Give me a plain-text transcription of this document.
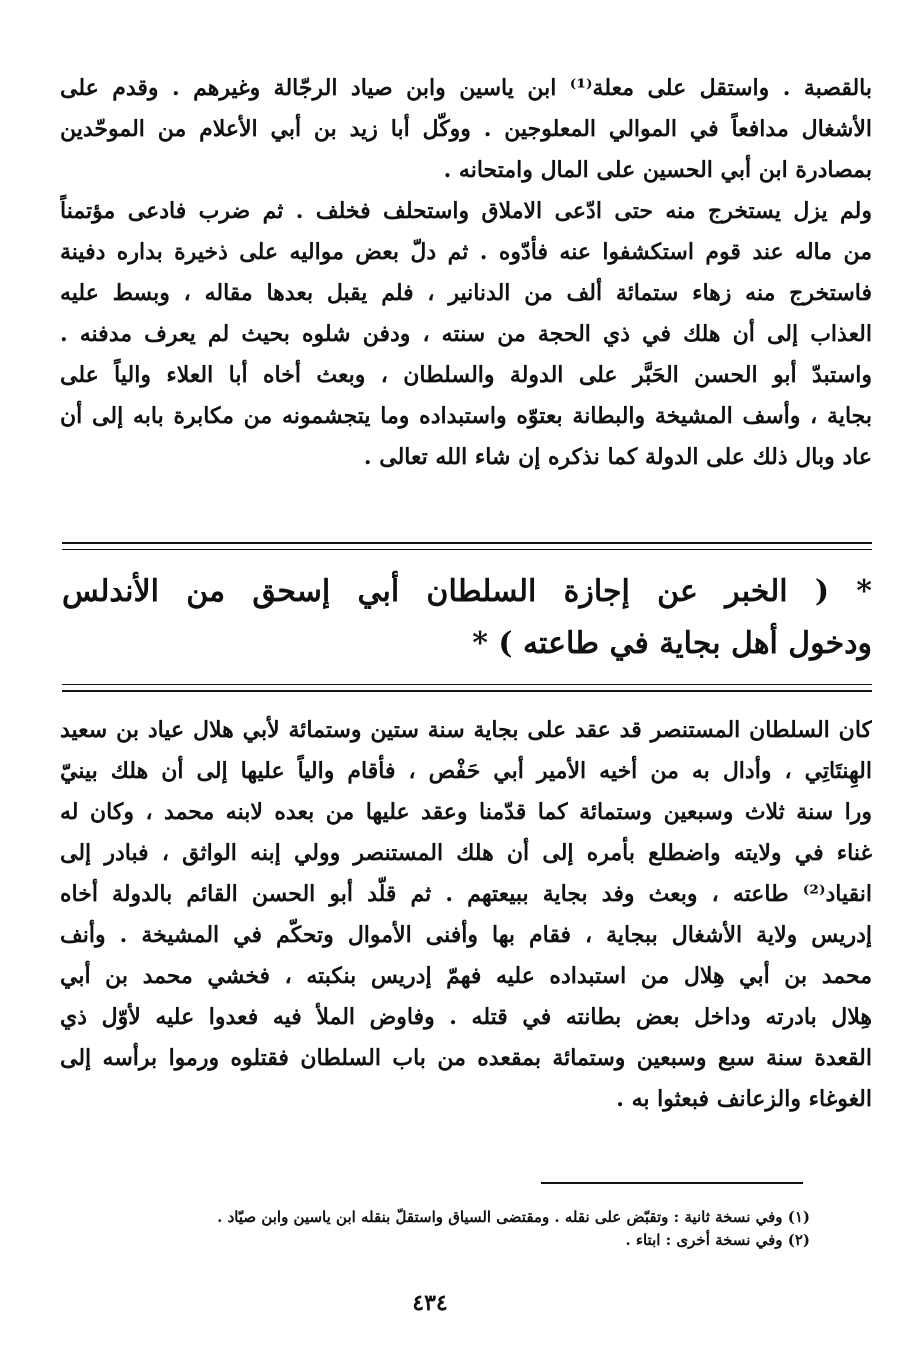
بالقصبة . واستقل على معلة⁽¹⁾ ابن ياسين وابن صياد الرجّالة وغيرهم . وقدم على
الأشغال مدافعاً في الموالي المعلوجين . ووكّل أبا زيد بن أبي الأعلام من الموحّدين
بمصادرة ابن أبي الحسين على المال وامتحانه .
ولم يزل يستخرج منه حتى ادّعى الاملاق واستحلف فخلف . ثم ضرب فادعى مؤتمناً
من ماله عند قوم استكشفوا عنه فأدّوه . ثم دلّ بعض مواليه على ذخيرة بداره دفينة
فاستخرج منه زهاء ستمائة ألف من الدنانير ، فلم يقبل بعدها مقاله ، وبسط عليه
العذاب إلى أن هلك في ذي الحجة من سنته ، ودفن شلوه بحيث لم يعرف مدفنه .
واستبدّ أبو الحسن الحَبَّر على الدولة والسلطان ، وبعث أخاه أبا العلاء والياً على
بجاية ، وأسف المشيخة والبطانة بعتوّه واستبداده وما يتجشمونه من مكابرة بابه إلى أن
عاد وبال ذلك على الدولة كما نذكره إن شاء الله تعالى .
* ( الخبر عن إجازة السلطان أبي إسحق من الأندلس
ودخول أهل بجاية في طاعته ) *
كان السلطان المستنصر قد عقد على بجاية سنة ستين وستمائة لأبي هلال عياد بن سعيد
الهِنتَاتِي ، وأدال به من أخيه الأمير أبي حَفْص ، فأقام والياً عليها إلى أن هلك بينيّ
ورا سنة ثلاث وسبعين وستمائة كما قدّمنا وعقد عليها من بعده لابنه محمد ، وكان له
غناء في ولايته واضطلع بأمره إلى أن هلك المستنصر وولي إبنه الواثق ، فبادر إلى
انقياد⁽²⁾ طاعته ، وبعث وفد بجاية ببيعتهم . ثم قلّد أبو الحسن القائم بالدولة أخاه
إدريس ولاية الأشغال ببجاية ، فقام بها وأفنى الأموال وتحكّم في المشيخة . وأنف
محمد بن أبي هِلال من استبداده عليه فهمّ إدريس بنكبته ، فخشي محمد بن أبي
هِلال بادرته وداخل بعض بطانته في قتله . وفاوض الملأ فيه فعدوا عليه لأوّل ذي
القعدة سنة سبع وسبعين وستمائة بمقعده من باب السلطان فقتلوه ورموا برأسه إلى
الغوغاء والزعانف فبعثوا به .
(١) وفي نسخة ثانية : وتقبّض على نقله . ومقتضى السياق واستقلّ بنقله ابن ياسين وابن صيّاد .
(٢) وفي نسخة أخرى : ابتاء .
٤٣٤
